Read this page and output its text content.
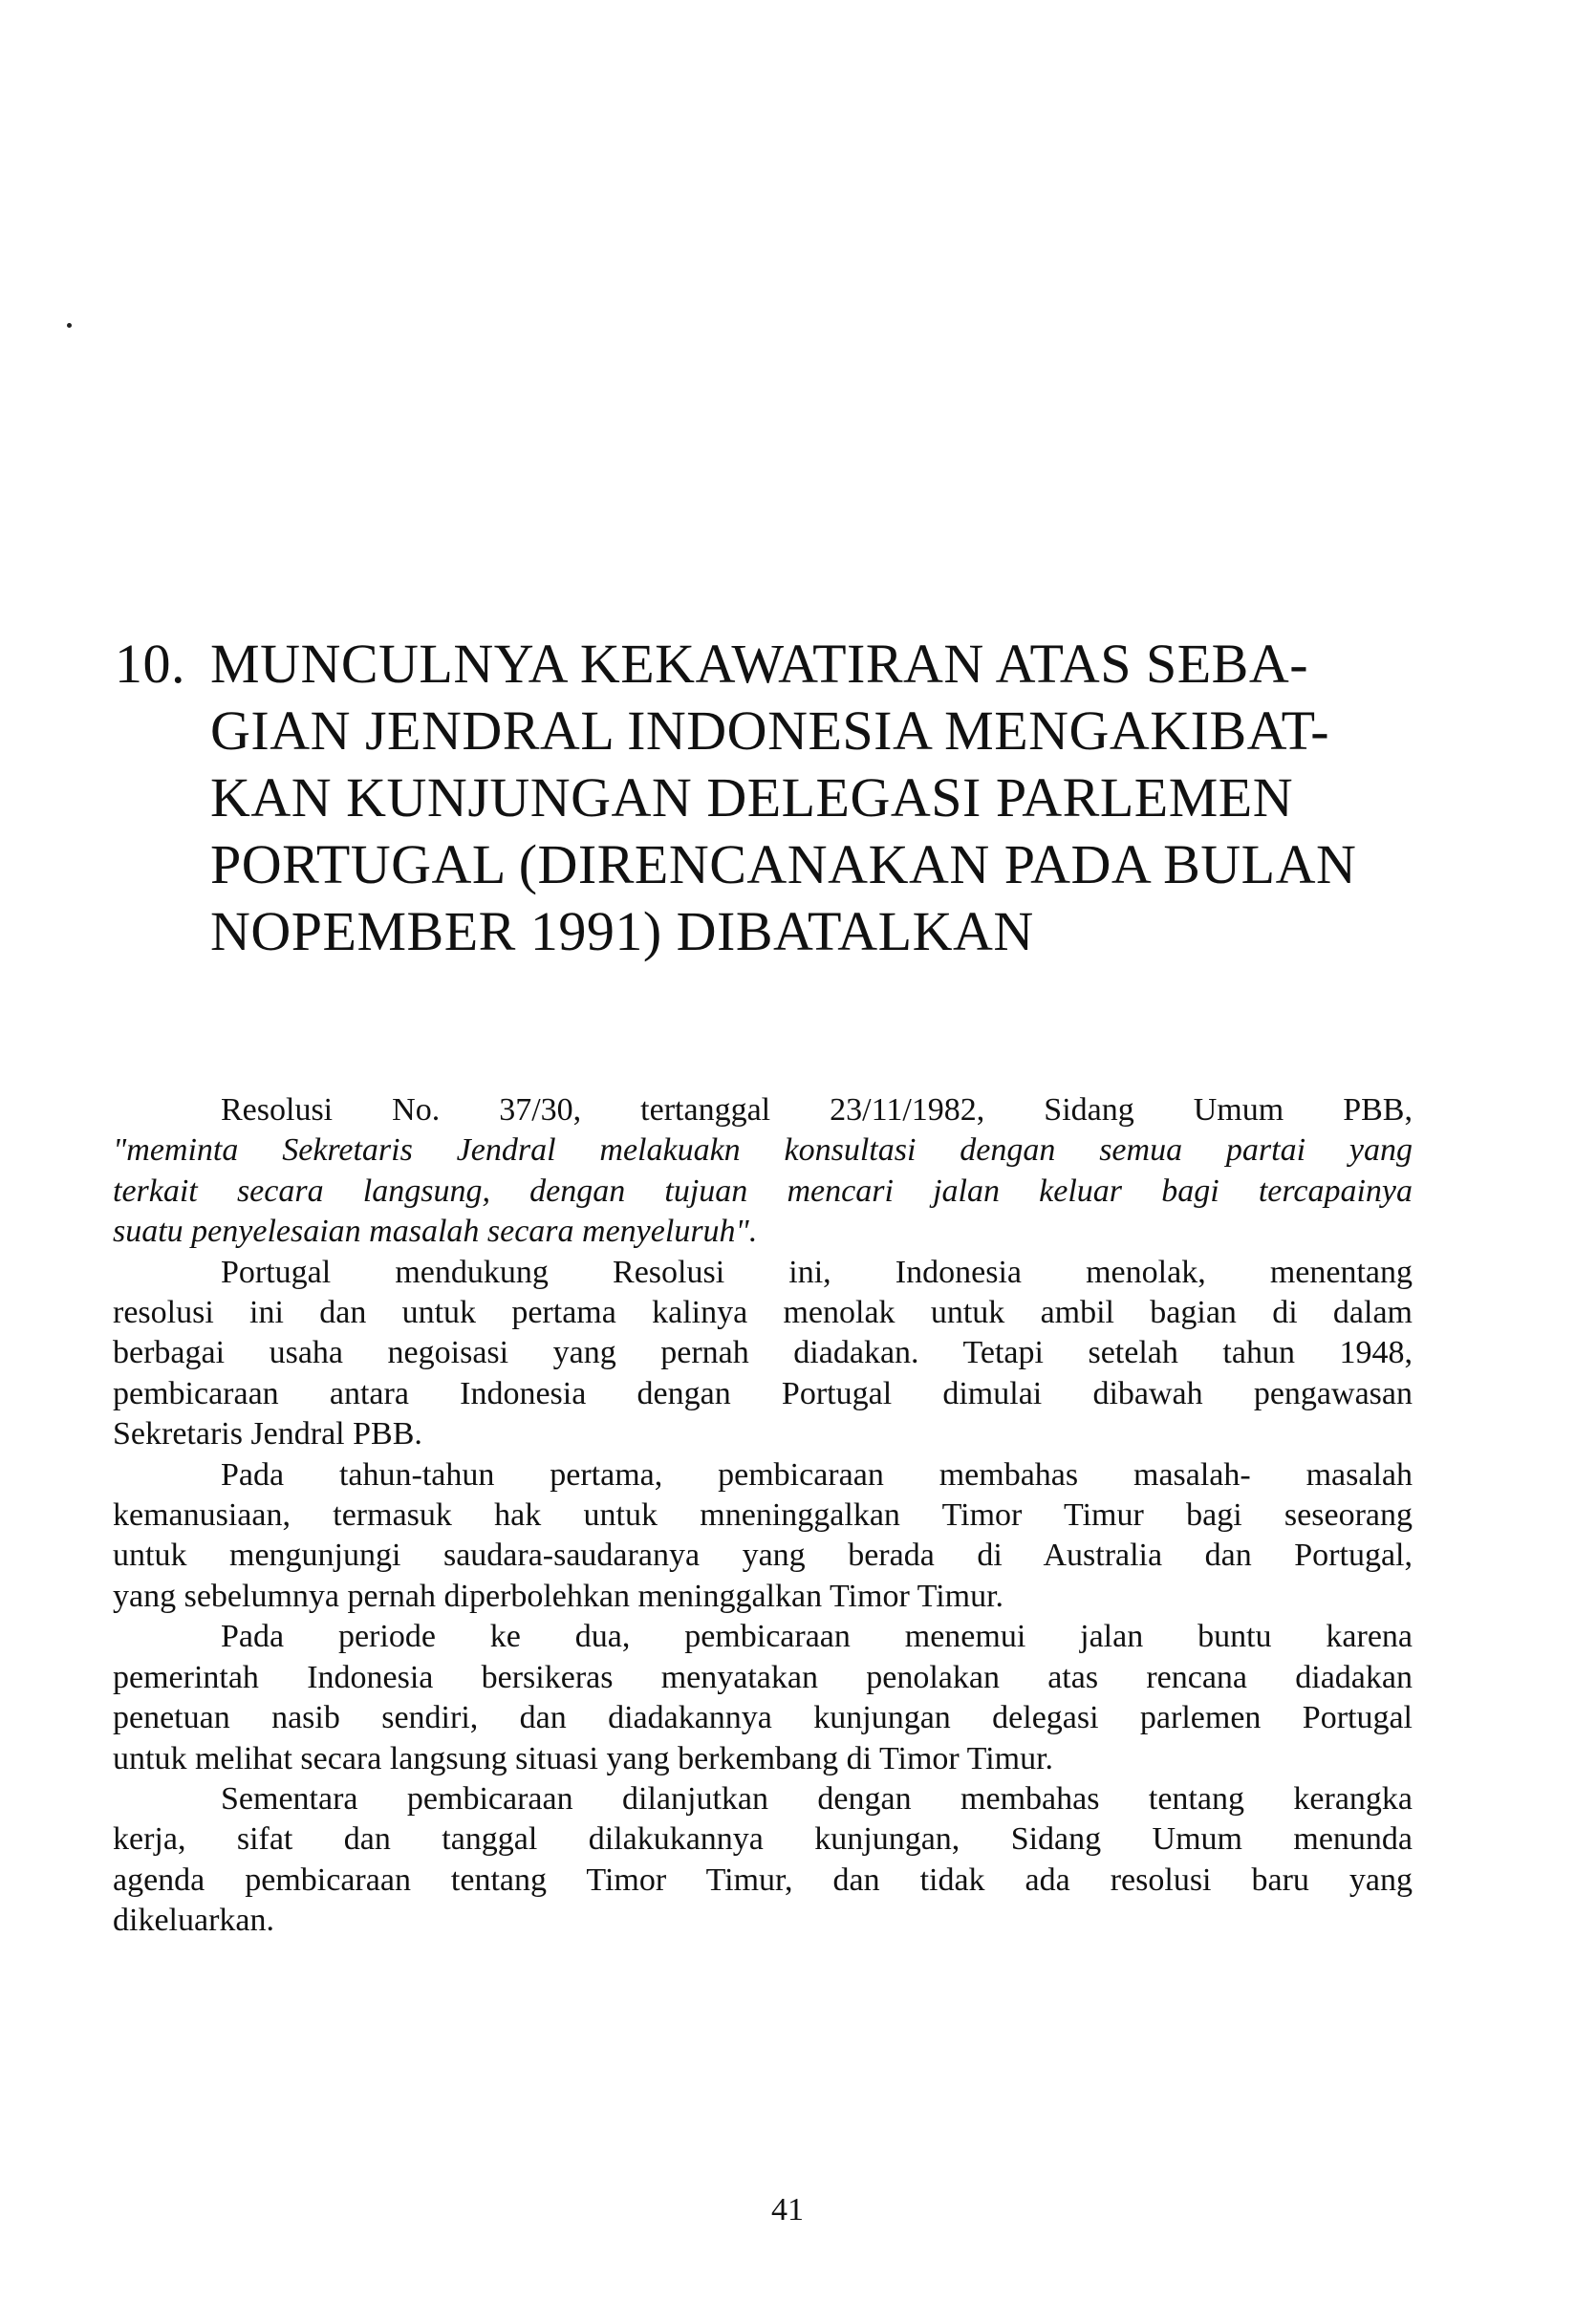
10. MUNCULNYA KEKAWATIRAN ATAS SEBA-
GIAN JENDRAL INDONESIA MENGAKIBAT-
KAN KUNJUNGAN DELEGASI PARLEMEN
PORTUGAL (DIRENCANAKAN PADA BULAN
NOPEMBER 1991) DIBATALKAN
Resolusi No. 37/30, tertanggal 23/11/1982, Sidang Umum PBB,
"meminta Sekretaris Jendral melakuakn konsultasi dengan semua partai yang
terkait secara langsung, dengan tujuan mencari jalan keluar bagi tercapainya
suatu penyelesaian masalah secara menyeluruh".
Portugal mendukung Resolusi ini, Indonesia menolak, menentang
resolusi ini dan untuk pertama kalinya menolak untuk ambil bagian di dalam
berbagai usaha negoisasi yang pernah diadakan. Tetapi setelah tahun 1948,
pembicaraan antara Indonesia dengan Portugal dimulai dibawah pengawasan
Sekretaris Jendral PBB.
Pada tahun-tahun pertama, pembicaraan membahas masalah- masalah
kemanusiaan, termasuk hak untuk mneninggalkan Timor Timur bagi seseorang
untuk mengunjungi saudara-saudaranya yang berada di Australia dan Portugal,
yang sebelumnya pernah diperbolehkan meninggalkan Timor Timur.
Pada periode ke dua, pembicaraan menemui jalan buntu karena
pemerintah Indonesia bersikeras menyatakan penolakan atas rencana diadakan
penetuan nasib sendiri, dan diadakannya kunjungan delegasi parlemen Portugal
untuk melihat secara langsung situasi yang berkembang di Timor Timur.
Sementara pembicaraan dilanjutkan dengan membahas tentang kerangka
kerja, sifat dan tanggal dilakukannya kunjungan, Sidang Umum menunda
agenda pembicaraan tentang Timor Timur, dan tidak ada resolusi baru yang
dikeluarkan.
41
